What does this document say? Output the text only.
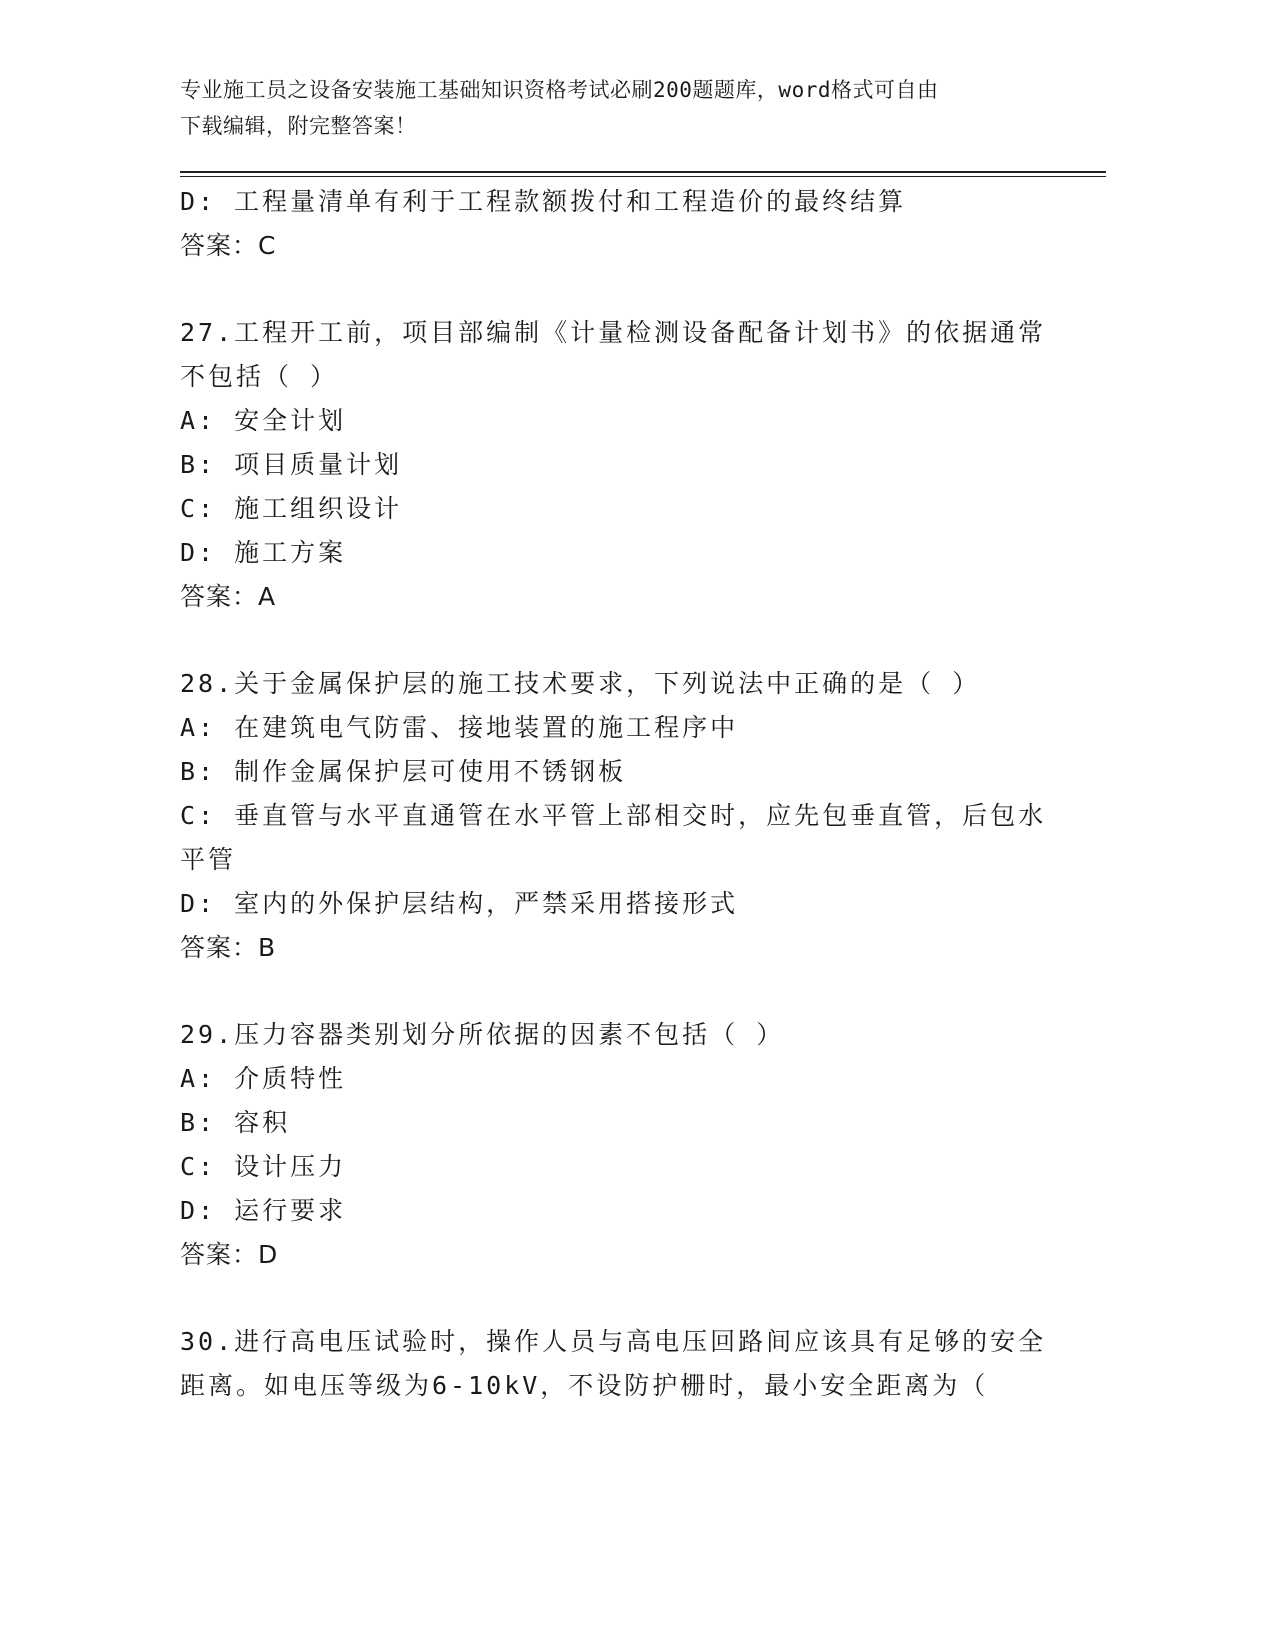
专业施工员之设备安装施工基础知识资格考试必刷200题题库，word格式可自由
下载编辑，附完整答案！

D: 工程量清单有利于工程款额拨付和工程造价的最终结算

答案：C

27.工程开工前，项目部编制《计量检测设备配备计划书》的依据通常

不包括（ ）

A: 安全计划

B: 项目质量计划

C: 施工组织设计

D: 施工方案

答案：A

28.关于金属保护层的施工技术要求，下列说法中正确的是（ ）

A: 在建筑电气防雷、接地装置的施工程序中

B: 制作金属保护层可使用不锈钢板

C: 垂直管与水平直通管在水平管上部相交时，应先包垂直管，后包水

平管

D: 室内的外保护层结构，严禁采用搭接形式

答案：B

29.压力容器类别划分所依据的因素不包括（ ）

A: 介质特性

B: 容积

C: 设计压力

D: 运行要求

答案：D

30.进行高电压试验时，操作人员与高电压回路间应该具有足够的安全

距离。如电压等级为6-10kV，不设防护栅时，最小安全距离为（
